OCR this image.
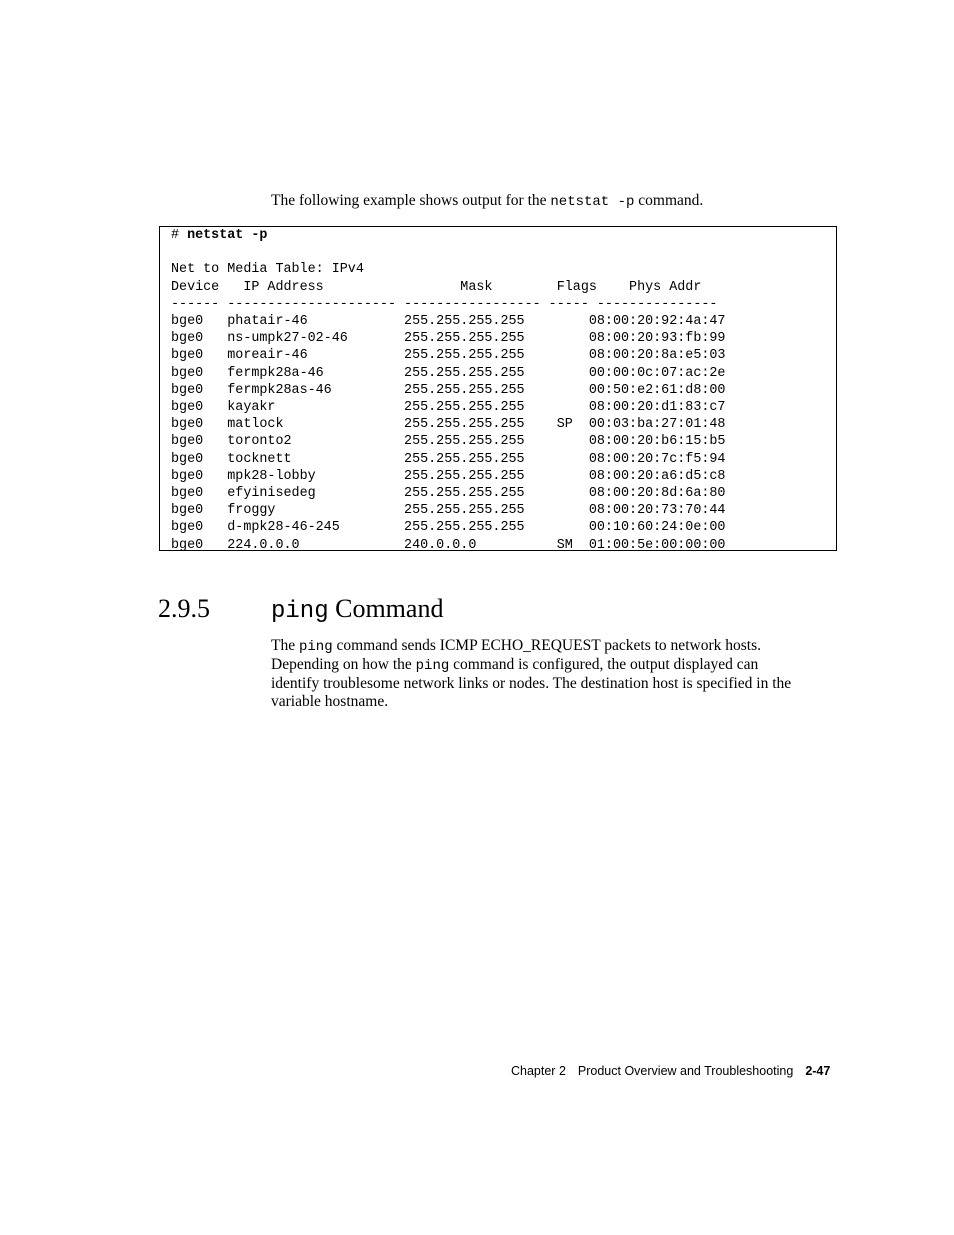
The following example shows output for the netstat -p command.
# netstat -p
Net to Media Table: IPv4
Device   IP Address                 Mask        Flags    Phys Addr
------ --------------------- ----------------- ----- ---------------
bge0   phatair-46            255.255.255.255        08:00:20:92:4a:47
bge0   ns-umpk27-02-46       255.255.255.255        08:00:20:93:fb:99
bge0   moreair-46            255.255.255.255        08:00:20:8a:e5:03
bge0   fermpk28a-46          255.255.255.255        00:00:0c:07:ac:2e
bge0   fermpk28as-46         255.255.255.255        00:50:e2:61:d8:00
bge0   kayakr                255.255.255.255        08:00:20:d1:83:c7
bge0   matlock               255.255.255.255    SP  00:03:ba:27:01:48
bge0   toronto2              255.255.255.255        08:00:20:b6:15:b5
bge0   tocknett              255.255.255.255        08:00:20:7c:f5:94
bge0   mpk28-lobby           255.255.255.255        08:00:20:a6:d5:c8
bge0   efyinisedeg           255.255.255.255        08:00:20:8d:6a:80
bge0   froggy                255.255.255.255        08:00:20:73:70:44
bge0   d-mpk28-46-245        255.255.255.255        00:10:60:24:0e:00
bge0   224.0.0.0             240.0.0.0          SM  01:00:5e:00:00:00
2.9.5	ping Command
The ping command sends ICMP ECHO_REQUEST packets to network hosts.
Depending on how the ping command is configured, the output displayed can
identify troublesome network links or nodes. The destination host is specified in the
variable hostname.
Chapter 2 Product Overview and Troubleshooting 2-47
